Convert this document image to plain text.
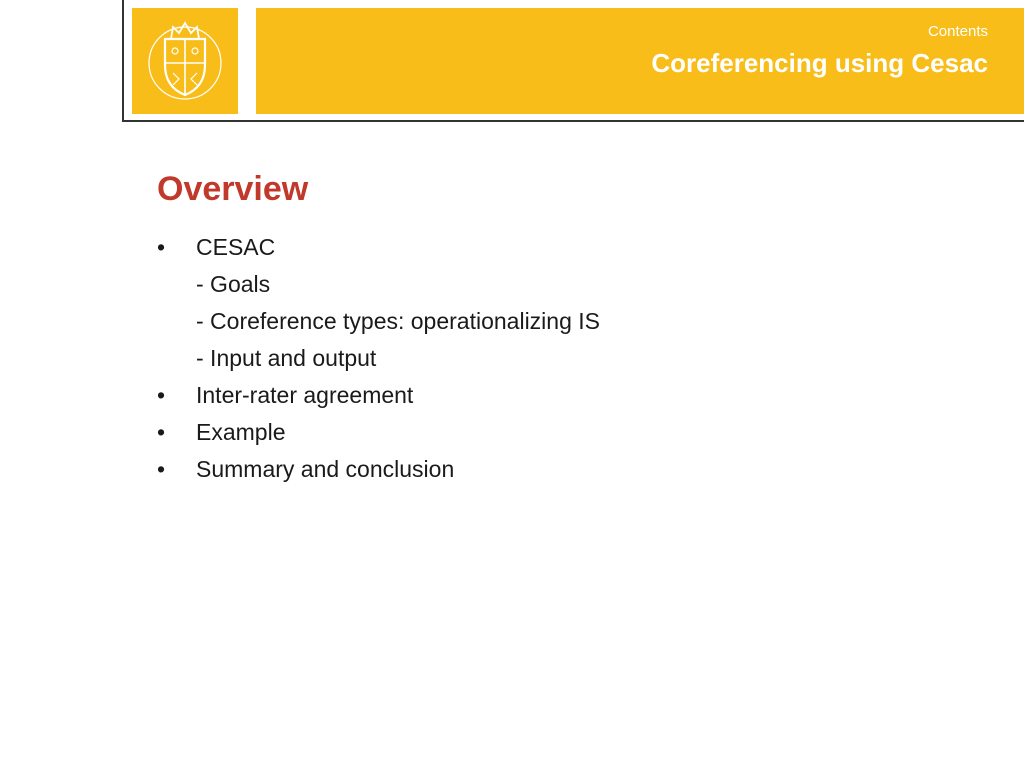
Contents
Coreferencing using Cesac
Overview
•	CESAC
- Goals
- Coreference types: operationalizing IS
- Input and output
•	Inter-rater agreement
•	Example
•	Summary and conclusion
